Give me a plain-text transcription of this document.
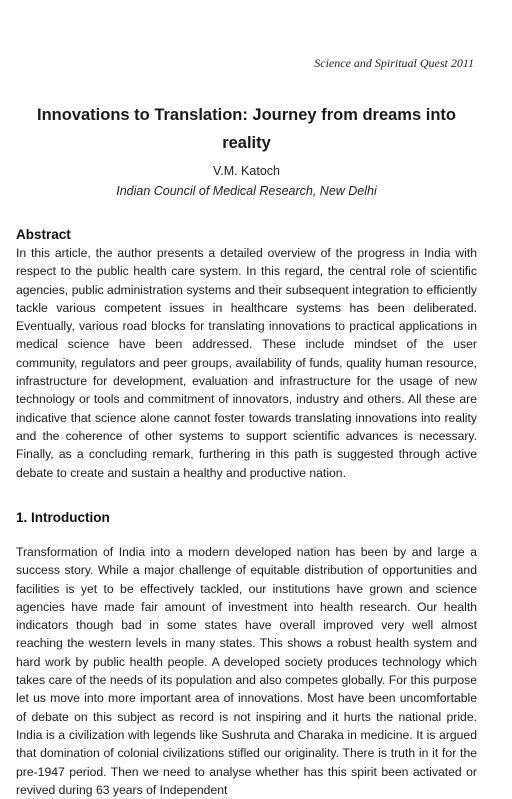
Science and Spiritual Quest 2011
Innovations to Translation: Journey from dreams into reality
V.M. Katoch
Indian Council of Medical Research, New Delhi
Abstract

In this article, the author presents a detailed overview of the progress in India with respect to the public health care system. In this regard, the central role of scientific agencies, public administration systems and their subsequent integration to efficiently tackle various competent issues in healthcare systems has been deliberated. Eventually, various road blocks for translating innovations to practical applications in medical science have been addressed. These include mindset of the user community, regulators and peer groups, availability of funds, quality human resource, infrastructure for development, evaluation and infrastructure for the usage of new technology or tools and commitment of innovators, industry and others. All these are indicative that science alone cannot foster towards translating innovations into reality and the coherence of other systems to support scientific advances is necessary. Finally, as a concluding remark, furthering in this path is suggested through active debate to create and sustain a healthy and productive nation.

1. Introduction

Transformation of India into a modern developed nation has been by and large a success story. While a major challenge of equitable distribution of opportunities and facilities is yet to be effectively tackled, our institutions have grown and science agencies have made fair amount of investment into health research. Our health indicators though bad in some states have overall improved very well almost reaching the western levels in many states. This shows a robust health system and hard work by public health people. A developed society produces technology which takes care of the needs of its population and also competes globally. For this purpose let us move into more important area of innovations. Most have been uncomfortable of debate on this subject as record is not inspiring and it hurts the national pride. India is a civilization with legends like Sushruta and Charaka in medicine. It is argued that domination of colonial civilizations stifled our originality. There is truth in it for the pre-1947 period. Then we need to analyse whether has this spirit been activated or revived during 63 years of Independent
